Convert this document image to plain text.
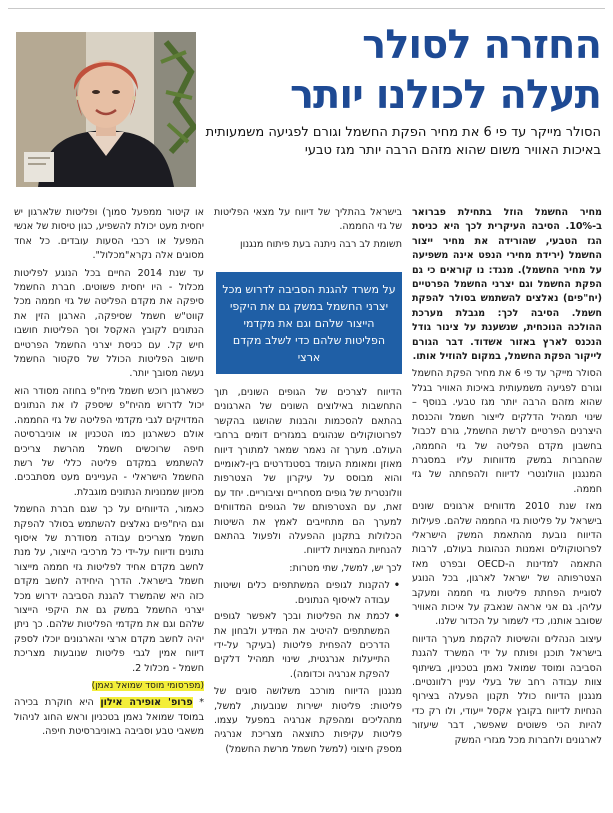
החזרה לסולר
תעלה לכולנו יותר
הסולר מייקר עד פי 6 את מחיר הפקת החשמל וגורם לפגיעה משמעותית באיכות האוויר משום שהוא מזהם הרבה יותר מגז טבעי

מחיר החשמל הוזל בתחילת פברואר ב-10%. הסיבה העיקרית לכך היא כניסת הגז הטבעי, שהורידה את מחיר ייצור החשמל (ירידת מחירי הנפט אינה משפיעה על מחיר החשמל). מנגד: נו קוראים כי גם הפקת החשמל וגם יצרני החשמל הפרטיים (יח"פים) נאלצים להשתמש בסולר להפקת חשמל. הסיבה לכך: מגבלת מערכת ההולכה הנוכחית, שנשענת על צינור גודל הנכנס לארץ באזור אשדוד. דבר הגורם לייקור הפקת החשמל, במקום להוזיל אותו.

הסולר מייקר עד פי 6 את מחיר הפקת החשמל וגורם לפגיעה משמעותית באיכות האוויר בגלל שהוא מזהם הרבה יותר מגז טבעי. בנוסף – שינוי תמהיל הדלקים לייצור חשמל והכנסת היצרנים הפרטיים לרשת החשמל, גורם לכבול בחשבון מקדם הפליטה של גזי החממה, שהחברות במשק מדווחות עליו במסגרת המנגנון הוולונטרי לדיווח ולהפחתה של גזי חממה.

מאז שנת 2010 מדווחים ארגונים שונים בישראל על פליטות גזי החממה שלהם. פעילות הדיווח נובעת מהתאמת המשק הישראלי לפרוטוקולים ואמנות הנהוגות בעולם, לרבות התאמה למדינות ה-OECD ובפרט מאז הצטרפותה של ישראל לארגון, בכל הנוגע לסוגיית הפחתת פליטות גזי חממה ומעקב עליהן. גם אני אראה שנאבק על איכות האוויר שסובב אותנו, כדי לשמור על הכדור שלנו.

עיצוב הנהלים והשיטות להקמת מערך הדיווח בישראל תוכנן ופותח על ידי המשרד להגנת הסביבה ומוסד שמואל נאמן בטכניון, בשיתוף צוות עבודה רחב של בעלי עניין רלוונטיים. מנגנון הדיווח כולל תקנון הפעלה בצירוף הנחיות לדיווח בקובץ אקסל ייעודי, ולו רק כדי להיות הכי פשוטים שאפשר, דבר שיעזור לארגונים ולחברות מכל מגזרי המשק

בישראל בהתליך של דיווח על מצאי הפליטות של גזי החממה.

תשומת לב רבה ניתנה בעת פיתוח מנגנון

על משרד להגנת הסביבה לדרוש מכל יצרני החשמל במשק גם את היקפי הייצור שלהם וגם את מקדמי הפליטות שלהם כדי לשלב מקדם ארצי

הדיווח לצרכים של הגופים השונים, תוך התחשבות באילוצים השונים של הארגונים בהתאם להסכמות והבנות שהושגו בהקשר לפרוטוקולים שנהוגים במגזרים דומים ברחבי העולם. מערך זה נאמר שמאר למתורך דיווח מאוזן ומאומת העומד בסטנדרטים בין-לאומיים והוא מבוסס על עיקרון של הצטרפות וולונטרית של גופים מסחריים וציבוריים. יחד עם זאת, עם הצטרפותם של הגופים המדווחים למערך הם מתחייבים לאמץ את השיטות הכלולות בתקנון ההפעלה ולפעול בהתאם להנחיות המצויות לדיווח.

לכך יש, למשל, שתי מטרות:

• להקנות לגופים המשתתפים כלים ושיטות עבודה לאיסוף הנתונים.
• לכמת את הפליטות ובכך לאפשר לגופים המשתתפים להיטיב את המידע ולבחון את הדרכים להפחית פליטות (בעיקר על-ידי התייעלות אנרגטית, שינוי תמהיל דלקים להפקת אנרגיה וכדומה).

מנגנון הדיווח מורכב משלושה סוגים של פליטות: פליטות ישירות שנובעות, למשל, מתהליכים ומהפקת אנרגיה במפעל עצמו. פליטות עקיפות כתוצאה מצריכת אנרגיה מספק חיצוני (למשל חשמל מרשת החשמל)

או קיטור ממפעל סמוך) ופליטות שלארגון יש יחסית מעט יכולת להשפיע, כגון טיסות של אנשי המפעל או רכבי הסעות עובדים. כל אחד מסוגים אלה נקרא"מכלול".

עד שנת 2014 החיים בכל הנוגע לפליטות מכלול - היו יחסית פשוטים. חברת החשמל סיפקה את מקדם הפליטה של גזי חממה מכל קווט"ש חשמל שסיפקה, הארגון הזין את הנתונים לקובץ האקסל וסך הפליטות חושבו חיש קל. עם כניסת יצרני החשמל הפרטיים חישוב הפליטות הכולל של סקטור החשמל נעשה מסובך יותר.

כשארגון רוכש חשמל מיח"פ בחוזה מסודר הוא יכול לדרוש מהיח"פ שיספק לו את הנתונים המדויקים לגבי מקדמי הפליטה של גזי החממה. אולם כשארגון כמו הטכניון או אוניברסיטה חיפה שרוכשים חשמל מהרשת צריכים להשתמש במקדם פליטה כללי של רשת החשמל הישראלי - העניינים מעט מסתבכים. מכיוון שמנוניות הנתונים מוגבלת.

כאמור, הדיווחים על כך שגם חברת החשמל וגם היח"פים נאלצים להשתמש בסולר להפקת חשמל מצריכים עבודה מסודרת של איסוף נתונים ודיווח על-ידי כל מרכיבי הייצור, על מנת לחשב מקדם אחיד לפליטות גזי חממה מייצור חשמל בישראל. הדרך היחידה לחשב מקדם כזה היא שהמשרד להגנת הסביבה ידרוש מכל יצרני החשמל במשק גם את היקפי הייצור שלהם וגם את מקדמי הפליטות שלהם. כך ניתן יהיה לחשב מקדם ארצי והארגונים יוכלו לספק דיווח אמין לגבי פליטות שנובעות מצריכת חשמל - מכלול 2.

(מפרסומי מוסד שמואל נאמן)

* פרופ' אופירה אילון היא חוקרת בכירה במוסד שמואל נאמן בטכניון וראש החוג לניהול משאבי טבע וסביבה באוניברסיטת חיפה.
